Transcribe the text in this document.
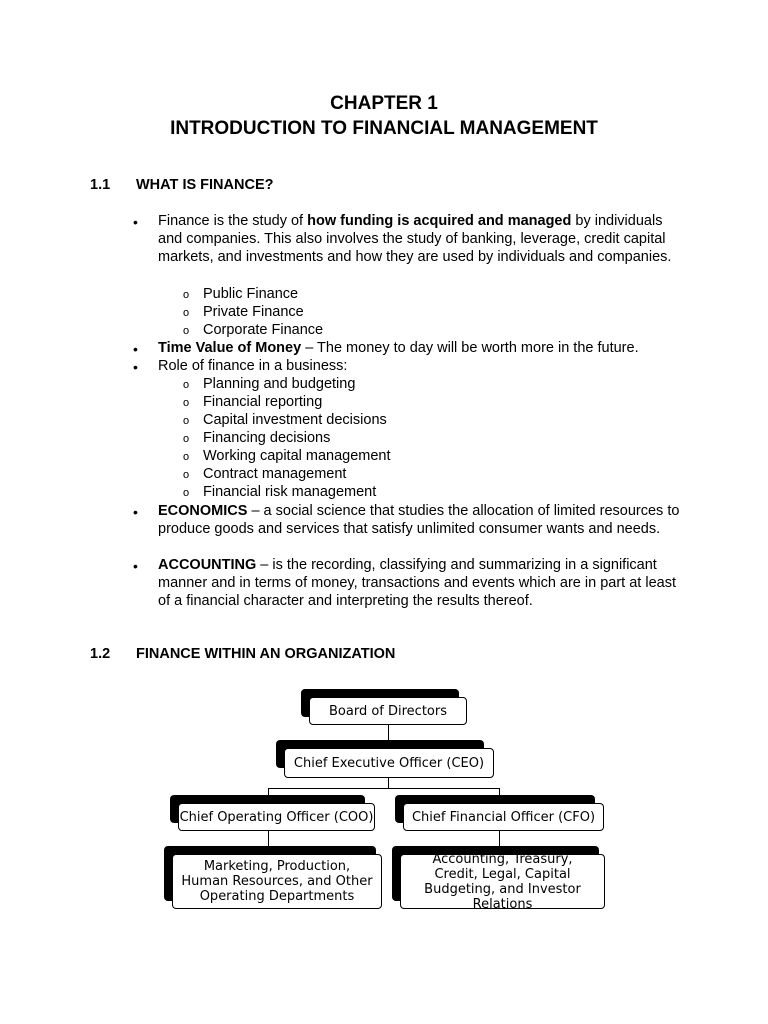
CHAPTER 1
INTRODUCTION TO FINANCIAL MANAGEMENT
1.1 WHAT IS FINANCE?
• Finance is the study of how funding is acquired and managed by individuals and companies. This also involves the study of banking, leverage, credit capital markets, and investments and how they are used by individuals and companies.
o Public Finance
o Private Finance
o Corporate Finance
• Time Value of Money – The money to day will be worth more in the future.
• Role of finance in a business:
o Planning and budgeting
o Financial reporting
o Capital investment decisions
o Financing decisions
o Working capital management
o Contract management
o Financial risk management
• ECONOMICS – a social science that studies the allocation of limited resources to produce goods and services that satisfy unlimited consumer wants and needs.
• ACCOUNTING – is the recording, classifying and summarizing in a significant manner and in terms of money, transactions and events which are in part at least of a financial character and interpreting the results thereof.
1.2 FINANCE WITHIN AN ORGANIZATION
Board of Directors
Chief Executive Officer (CEO)
Chief Operating Officer (COO)	Chief Financial Officer (CFO)
Marketing, Production, Human Resources, and Other Operating Departments
Accounting, Treasury, Credit, Legal, Capital Budgeting, and Investor Relations
